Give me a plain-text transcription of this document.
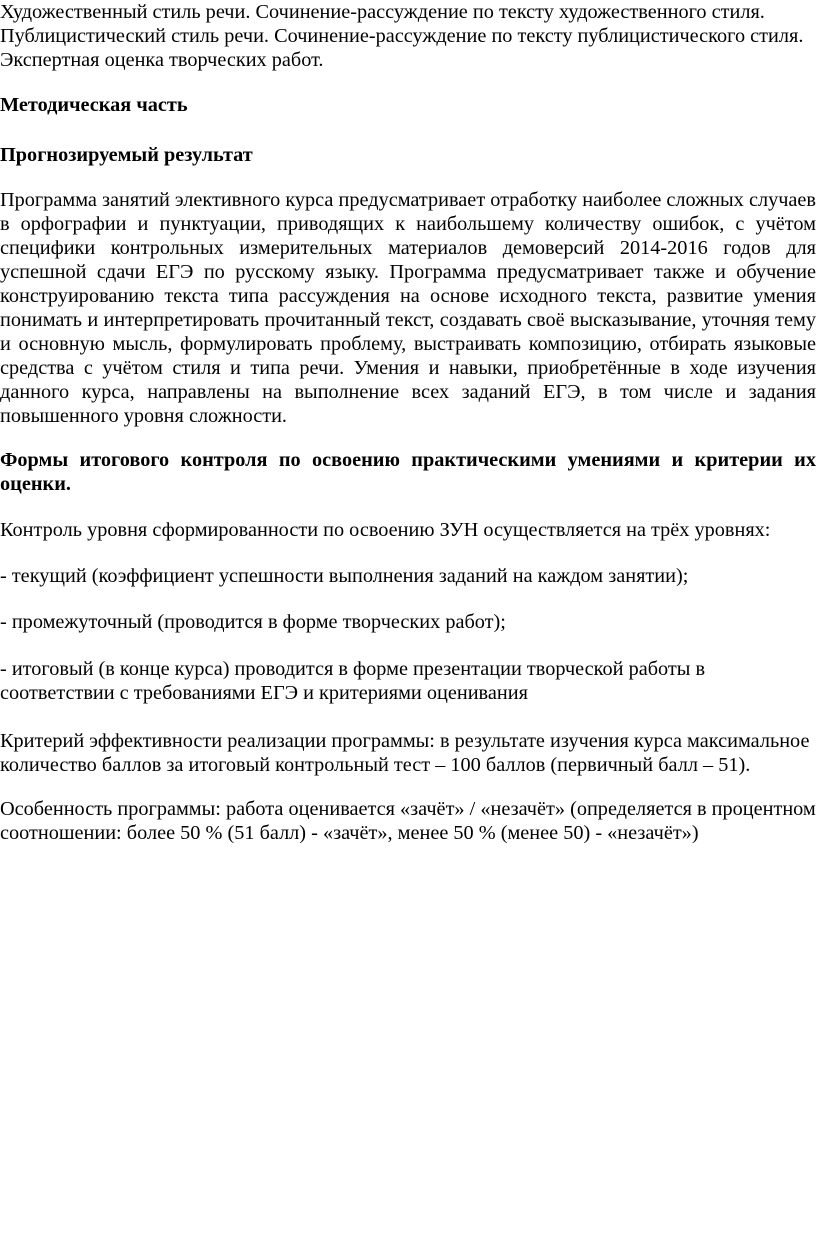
Художественный стиль речи. Сочинение-рассуждение по тексту художественного стиля.
Публицистический стиль речи. Сочинение-рассуждение по тексту публицистического стиля.
Экспертная оценка творческих работ.

Методическая часть

Прогнозируемый результат

Программа занятий элективного курса предусматривает отработку наиболее сложных случаев в орфографии и пунктуации, приводящих к наибольшему количеству ошибок, с учётом специфики контрольных измерительных материалов демоверсий 2014-2016 годов для успешной сдачи ЕГЭ по русскому языку. Программа предусматривает также и обучение конструированию текста типа рассуждения на основе исходного текста, развитие умения понимать и интерпретировать прочитанный текст, создавать своё высказывание, уточняя тему и основную мысль, формулировать проблему, выстраивать композицию, отбирать языковые средства с учётом стиля и типа речи. Умения и навыки, приобретённые в ходе изучения данного курса, направлены на выполнение всех заданий ЕГЭ, в том числе и задания повышенного уровня сложности.

Формы итогового контроля по освоению практическими умениями и критерии их оценки.

Контроль уровня сформированности по освоению ЗУН осуществляется на трёх уровнях:

- текущий (коэффициент успешности выполнения заданий на каждом занятии);

- промежуточный (проводится в форме творческих работ);

- итоговый (в конце курса) проводится в форме презентации творческой работы в соответствии с требованиями ЕГЭ и критериями оценивания

Критерий эффективности реализации программы: в результате изучения курса максимальное количество баллов за итоговый контрольный тест – 100 баллов (первичный балл – 51).

Особенность программы: работа оценивается «зачёт» / «незачёт» (определяется в процентном соотношении: более 50 % (51 балл) - «зачёт», менее 50 % (менее 50) - «незачёт»)
